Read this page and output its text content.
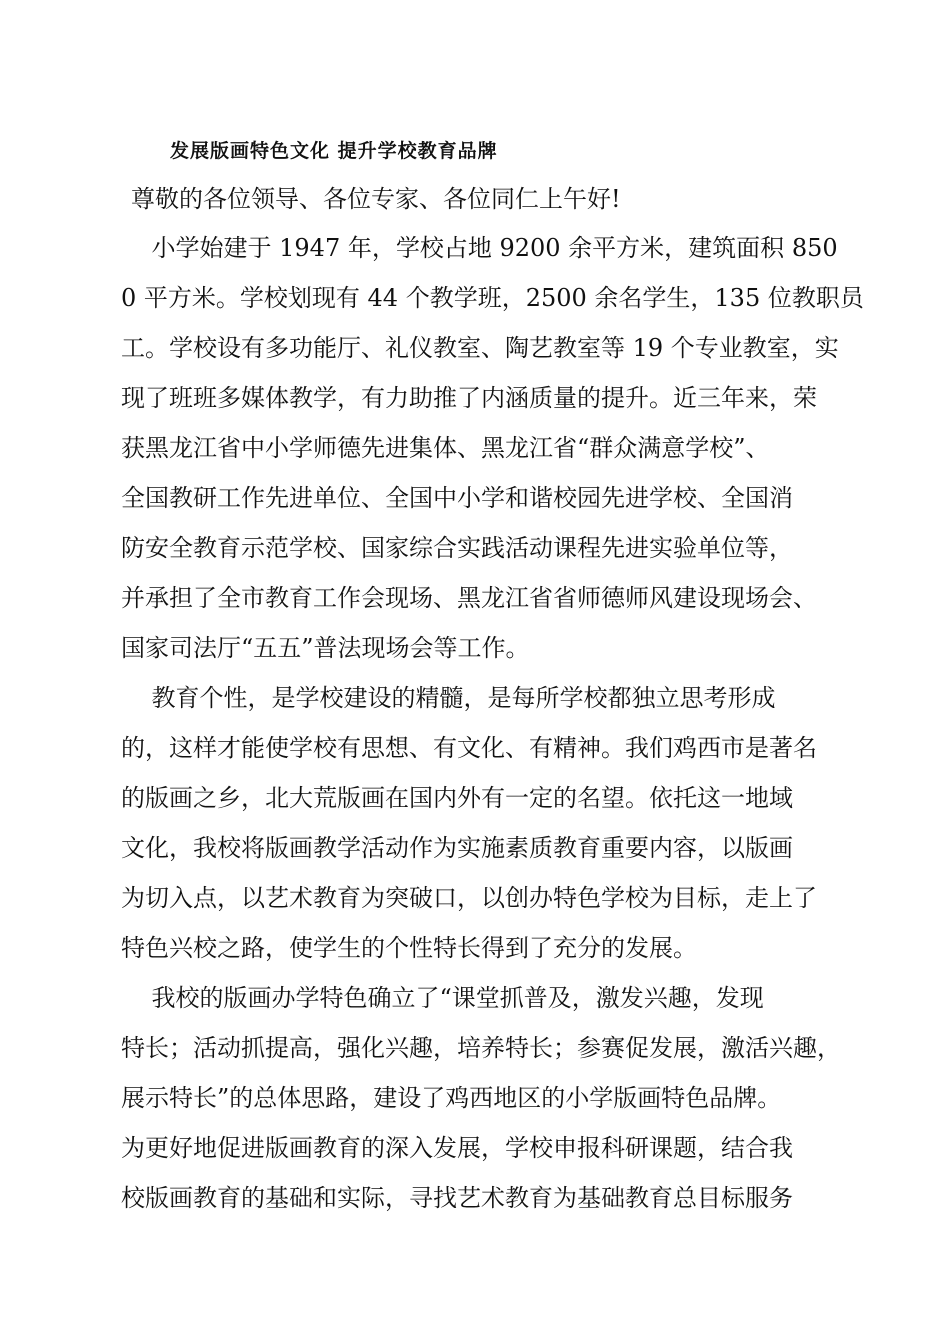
发展版画特色文化 提升学校教育品牌

尊敬的各位领导、各位专家、各位同仁上午好!

小学始建于 1947 年，学校占地 9200 余平方米，建筑面积 850

0 平方米。学校划现有 44 个教学班，2500 余名学生，135 位教职员

工。学校设有多功能厅、礼仪教室、陶艺教室等 19 个专业教室，实

现了班班多媒体教学，有力助推了内涵质量的提升。近三年来，荣

获黑龙江省中小学师德先进集体、黑龙江省“群众满意学校”、

全国教研工作先进单位、全国中小学和谐校园先进学校、全国消

防安全教育示范学校、国家综合实践活动课程先进实验单位等，

并承担了全市教育工作会现场、黑龙江省省师德师风建设现场会、

国家司法厅“五五”普法现场会等工作。

教育个性，是学校建设的精髓，是每所学校都独立思考形成

的，这样才能使学校有思想、有文化、有精神。我们鸡西市是著名

的版画之乡，北大荒版画在国内外有一定的名望。依托这一地域

文化，我校将版画教学活动作为实施素质教育重要内容，以版画

为切入点，以艺术教育为突破口，以创办特色学校为目标，走上了

特色兴校之路，使学生的个性特长得到了充分的发展。

我校的版画办学特色确立了“课堂抓普及，激发兴趣，发现

特长；活动抓提高，强化兴趣，培养特长；参赛促发展，激活兴趣，

展示特长”的总体思路，建设了鸡西地区的小学版画特色品牌。

为更好地促进版画教育的深入发展，学校申报科研课题，结合我

校版画教育的基础和实际，寻找艺术教育为基础教育总目标服务
